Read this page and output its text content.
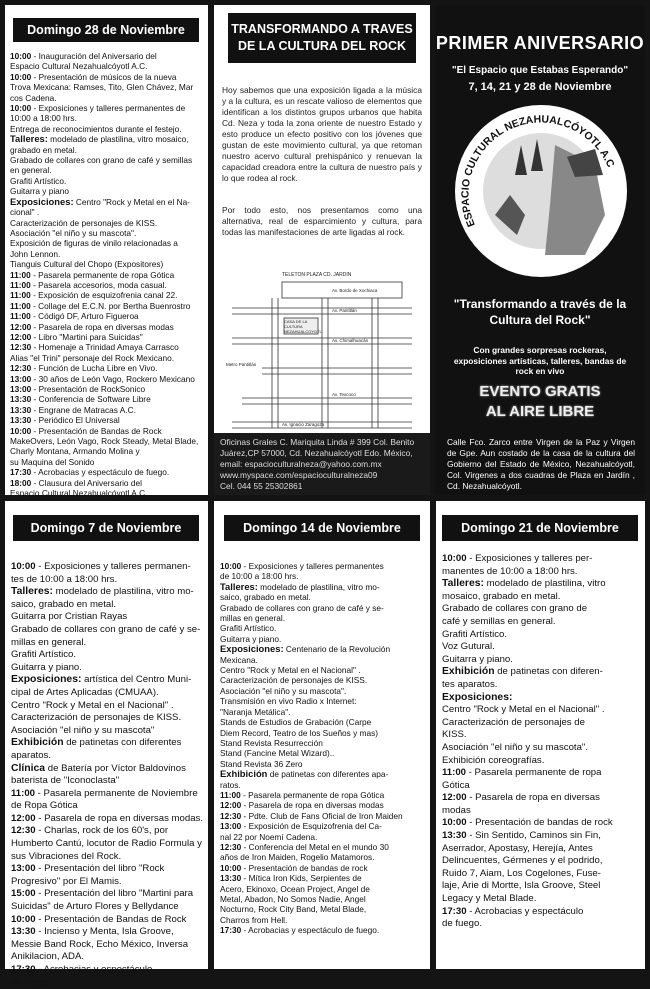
Domingo 28 de Noviembre
10:00 - Inauguración del Aniversario del
Espacio Cultural Nezahualcóyotl A.C.
10:00 - Presentación de músicos de la nueva
Trova Mexicana: Ramses, Tito, Glen Chávez, Mar
cos Cadena.
10:00 - Exposiciones y talleres permanentes de
10:00 a 18:00 hrs.
Entrega de reconocimientos durante el festejo.
Talleres: modelado de plastilina, vitro mosaico,
grabado en metal.
Grabado de collares con grano de café y semillas
en general.
Grafiti Artístico.
Guitarra y piano
Exposiciones: Centro "Rock y Metal en el Na-
cional" .
Caracterización de personajes de KISS.
Asociación "el niño y su mascota".
Exposición de figuras de vinilo relacionadas a
John Lennon.
Tianguis Cultural del Chopo (Expositores)
11:00 - Pasarela permanente de ropa Gótica
11:00 - Pasarela accesorios, moda casual.
11:00 - Exposición de esquizofrenia canal 22.
11:00 - Collage del E.C.N. por Bertha Buenrostro
11:00 - Códigó DF, Arturo Figueroa
12:00 - Pasarela de ropa en diversas modas
12:00 - Libro "Martini para Suicidas"
12:30 - Homenaje a Trinidad Amaya Carrasco
Alias "el Trini" personaje del Rock Mexicano.
12:30 - Función de Lucha Libre en Vivo.
13:00 - 30 años de León Vago, Rockero Mexicano
13:00 - Presentación de RockSonico
13:30 - Conferencia de Software Libre
13:30 - Engrane de Matracas A.C.
13:30 - Periódico El Universal
10:00 - Presentación de Bandas de Rock
MakeOvers, León Vago, Rock Steady, Metal Blade,
Charly Montana, Armando Molina y
su Maquina del Sonido
17:30 - Acrobacias y espectáculo de fuego.
18:00 - Clausura del Aniversario del
Espacio Cultural Nezahualcóyotl A.C.
TRANSFORMANDO A TRAVES
DE LA CULTURA DEL ROCK
Hoy sabemos que una exposición ligada a la música y a la cultura, es un rescate valioso de elementos que identifican a los distintos grupos urbanos que habita Cd. Neza y toda la zona oriente de nuestro Estado y esto produce un efecto positivo con los jóvenes que gustan de este movimiento cultural, ya que retoman nuestro acervo cultural prehispánico y renuevan la capacidad creadora entre la cultura de nuestro país y lo que rodea al rock.
Por todo esto, nos presentamos como una alternativa, real de esparcimiento y cultura, para todas las manifestaciones de arte ligadas al rock.
Oficinas Grales C. Mariquita Linda # 399 Col. Benito
Juárez,CP 57000, Cd. Nezahualcóyotl Edo. México,
email: espacioculturalneza@yahoo.com.mx
www.myspace.com/espacioculturalneza09
Cel. 044 55 25302861
TELETON PLAZA CD. JARDIN
Av. Bordo de Xochiaca
Av. Pantitlán
CASA DE LA CULTURA NEZAHUALCOYOTL
Av. Chimalhuacán
Metro Pantitlán
Av. Texcoco
Av. Ignacio Zaragoza
PRIMER ANIVERSARIO
"El Espacio que Estabas Esperando"
7, 14, 21 y 28 de Noviembre
ESPACIO CULTURAL NEZAHUALCÓYOTL A.C
"Transformando a través de la
Cultura del Rock"
Con grandes sorpresas rockeras, exposiciones artísticas, talleres, bandas de rock en vivo
EVENTO GRATIS
AL AIRE LIBRE
Calle Fco. Zarco entre Virgen de la Paz y Virgen de Gpe. Aun costado de la casa de la cultura del Gobierno del Estado de México, Nezahualcóyotl, Col. Virgenes a dos cuadras de Plaza en Jardín , Cd. Nezahualcóyotl.
Domingo 7 de Noviembre
10:00 - Exposiciones y talleres permanen-
tes de 10:00 a 18:00 hrs.
Talleres: modelado de plastilina, vitro mo-
saico, grabado en metal.
Guitarra por Cristian Rayas
Grabado de collares con grano de café y se-
millas en general.
Grafiti Artístico.
Guitarra y piano.
Exposiciones: artística del Centro Muni-
cipal de Artes Aplicadas (CMUAA).
Centro "Rock y Metal en el Nacional" .
Caracterización de personajes de KISS.
Asociación "el niño y su mascota"
Exhibición de patinetas con diferentes
aparatos.
Clínica de Batería por Víctor Baldovinos
baterista de "Iconoclasta"
11:00 - Pasarela permanente de Noviembre
de Ropa Gótica
12:00 - Pasarela de ropa en diversas modas.
12:30 - Charlas, rock de los 60's, por
Humberto Cantú, locutor de Radio Formula y
sus Vibraciones del Rock.
13:00 - Presentación del libro "Rock
Progresivo" por El Mamis.
15:00 - Presentación del libro "Martini para
Suicidas" de Arturo Flores y Bellydance
10:00 - Presentación de Bandas de Rock
13:30 - Incienso y Menta, Isla Groove,
Messie Band Rock, Echo México, Inversa
Anikilacion, ADA.
17:30 - Acrobacias y espectáculo
de fuego.
Domingo 14 de Noviembre
10:00 - Exposiciones y talleres permanentes
de 10:00 a 18:00 hrs.
Talleres: modelado de plastilina, vitro mo-
saico, grabado en metal.
Grabado de collares con grano de café y se-
millas en general.
Grafiti Artístico.
Guitarra y piano.
Exposiciones: Centenario de la Revolución
Mexicana.
Centro "Rock y Metal en el Nacional" .
Caracterización de personajes de KISS.
Asociación "el niño y su mascota".
Transmisión en vivo Radio x Internet:
"Naranja Metálica".
Stands de Estudios de Grabación (Carpe
Diem Record, Teatro de los Sueños y mas)
Stand Revista Resurrección
Stand (Fancine Metal Wizard)..
Stand Revista 36 Zero
Exhibición de patinetas con diferentes apa-
ratos.
11:00 - Pasarela permanente de ropa Gótica
12:00 - Pasarela de ropa en diversas modas
12:30 - Pdte. Club de Fans Oficial de Iron Maiden
13:00 - Exposición de Esquizofrenia del Ca-
nal 22 por Noemí Cadena.
12:30 - Conferencia del Metal en el mundo 30
años de Iron Maiden, Rogelio Matamoros.
10:00 - Presentación de bandas de rock
13:30 - Mítica Iron Kids, Serpientes de
Acero, Ekinoxo, Ocean Project, Angel de
Metal, Abadon, No Somos Nadie, Angel
Nocturno, Rock City Band, Metal Blade,
Charros from Hell.
17:30 - Acrobacias y espectáculo de fuego.
Domingo 21 de Noviembre
10:00 - Exposiciones y talleres per-
manentes de 10:00 a 18:00 hrs.
Talleres: modelado de plastilina, vitro
mosaico, grabado en metal.
Grabado de collares con grano de
café y semillas en general.
Grafiti Artístico.
Voz Gutural.
Guitarra y piano.
Exhibición de patinetas con diferen-
tes aparatos.
Exposiciones:
Centro "Rock y Metal en el Nacional" .
Caracterización de personajes de
KISS.
Asociación "el niño y su mascota".
Exhibición coreografías.
11:00 - Pasarela permanente de ropa
Gótica
12:00 - Pasarela de ropa en diversas
modas
10:00 - Presentación de bandas de rock
13:30 - Sin Sentido, Caminos sin Fin,
Aserrador, Apostasy, Herejía, Antes
Delincuentes, Gérmenes y el podrido,
Ruido 7, Aiam, Los Cogelones, Fuse-
laje, Arie di Mortte, Isla Groove, Steel
Legacy y Metal Blade.
17:30 - Acrobacias y espectáculo
de fuego.
